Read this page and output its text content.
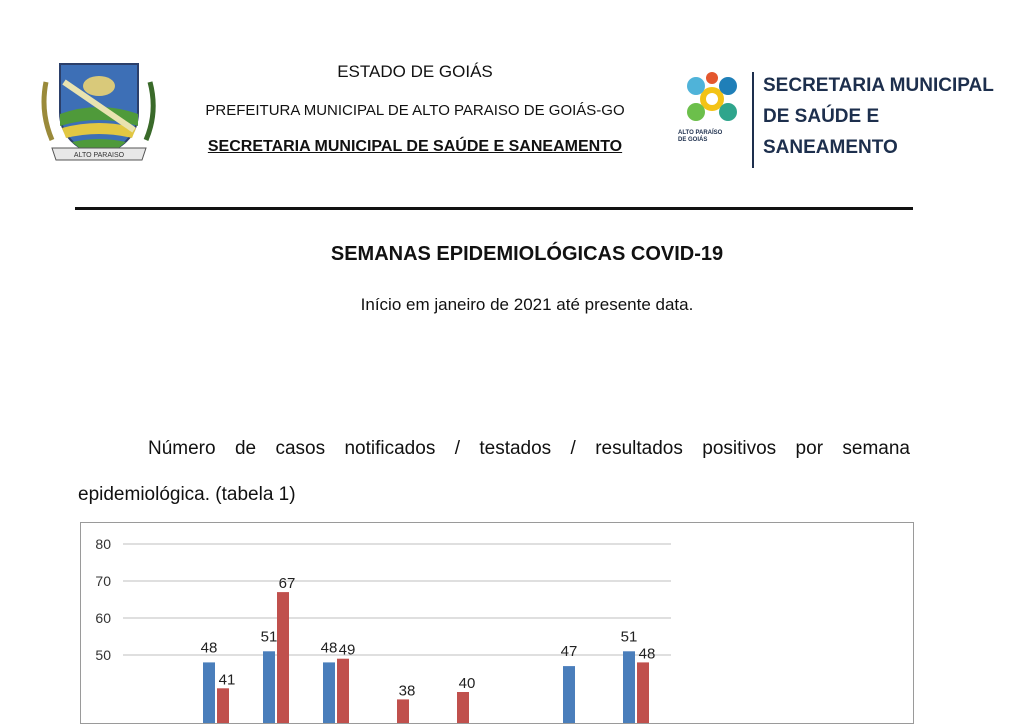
ALTO PARAISO
ESTADO DE GOIÁS
PREFEITURA MUNICIPAL DE ALTO PARAISO DE GOIÁS-GO
SECRETARIA MUNICIPAL DE SAÚDE E SANEAMENTO
ALTO PARAÍSO
DE GOIÁS
SECRETARIA MUNICIPAL
DE SAÚDE E
SANEAMENTO
SEMANAS EPIDEMIOLÓGICAS COVID-19
Início em janeiro de 2021 até presente data.
Número de casos notificados / testados / resultados positivos por semana
epidemiológica. (tabela 1)
80
70
60
50	48
51
48	47
51
41
67
49
38	40
48
